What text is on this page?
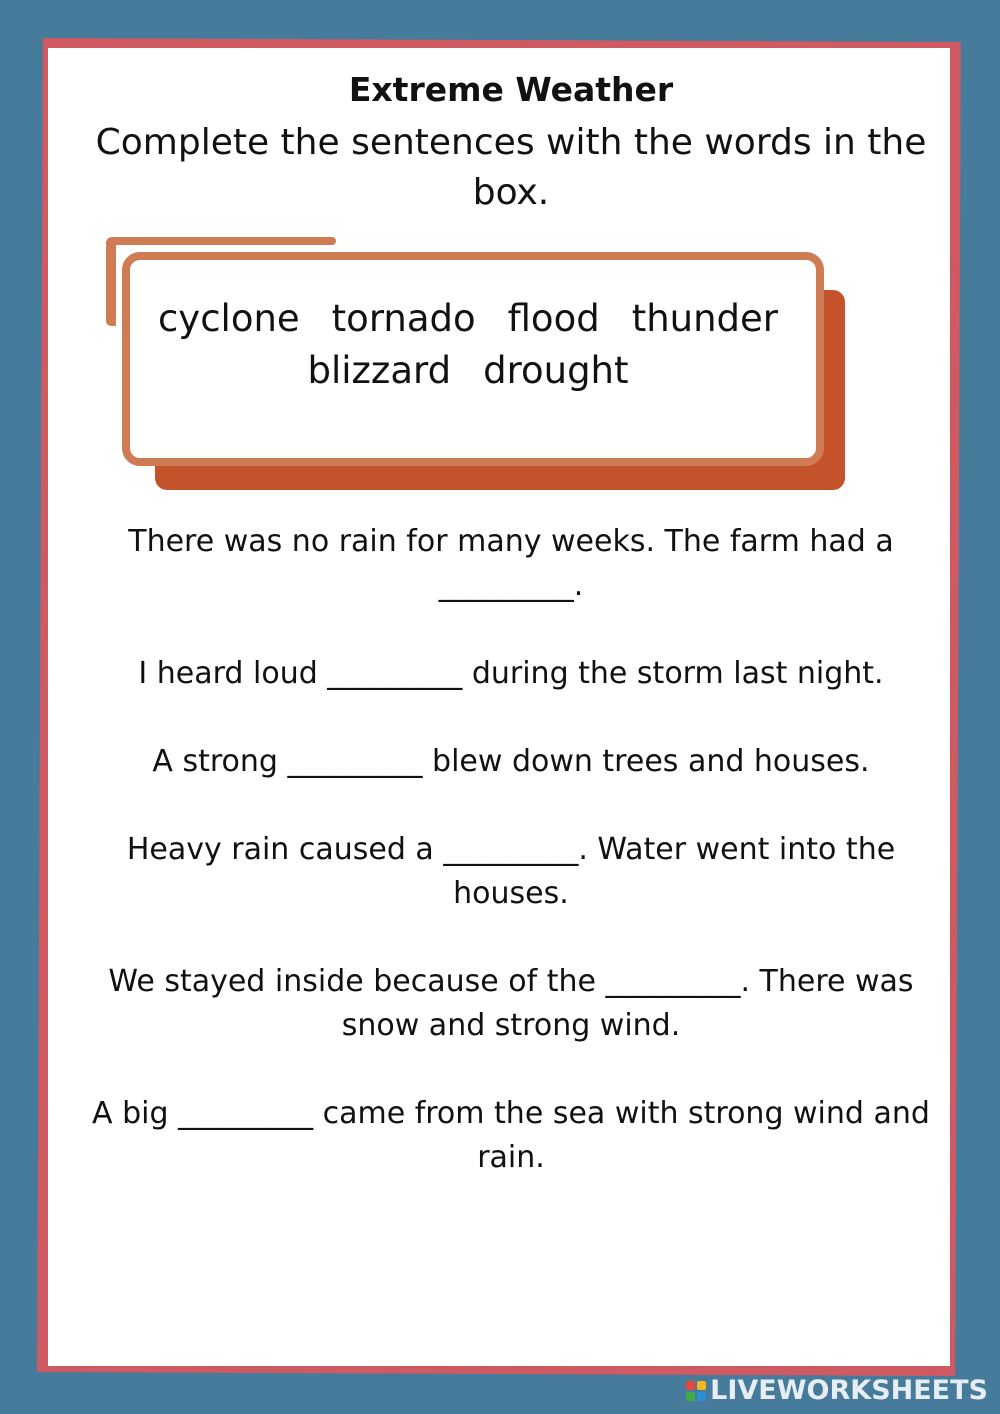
Extreme Weather

Complete the sentences with the words in the box.

cyclone tornado flood thunder
blizzard drought

There was no rain for many weeks. The farm had a _________.

I heard loud _________ during the storm last night.

A strong _________ blew down trees and houses.

Heavy rain caused a _________. Water went into the houses.

We stayed inside because of the _________. There was snow and strong wind.

A big _________ came from the sea with strong wind and rain.

LIVEWORKSHEETS
